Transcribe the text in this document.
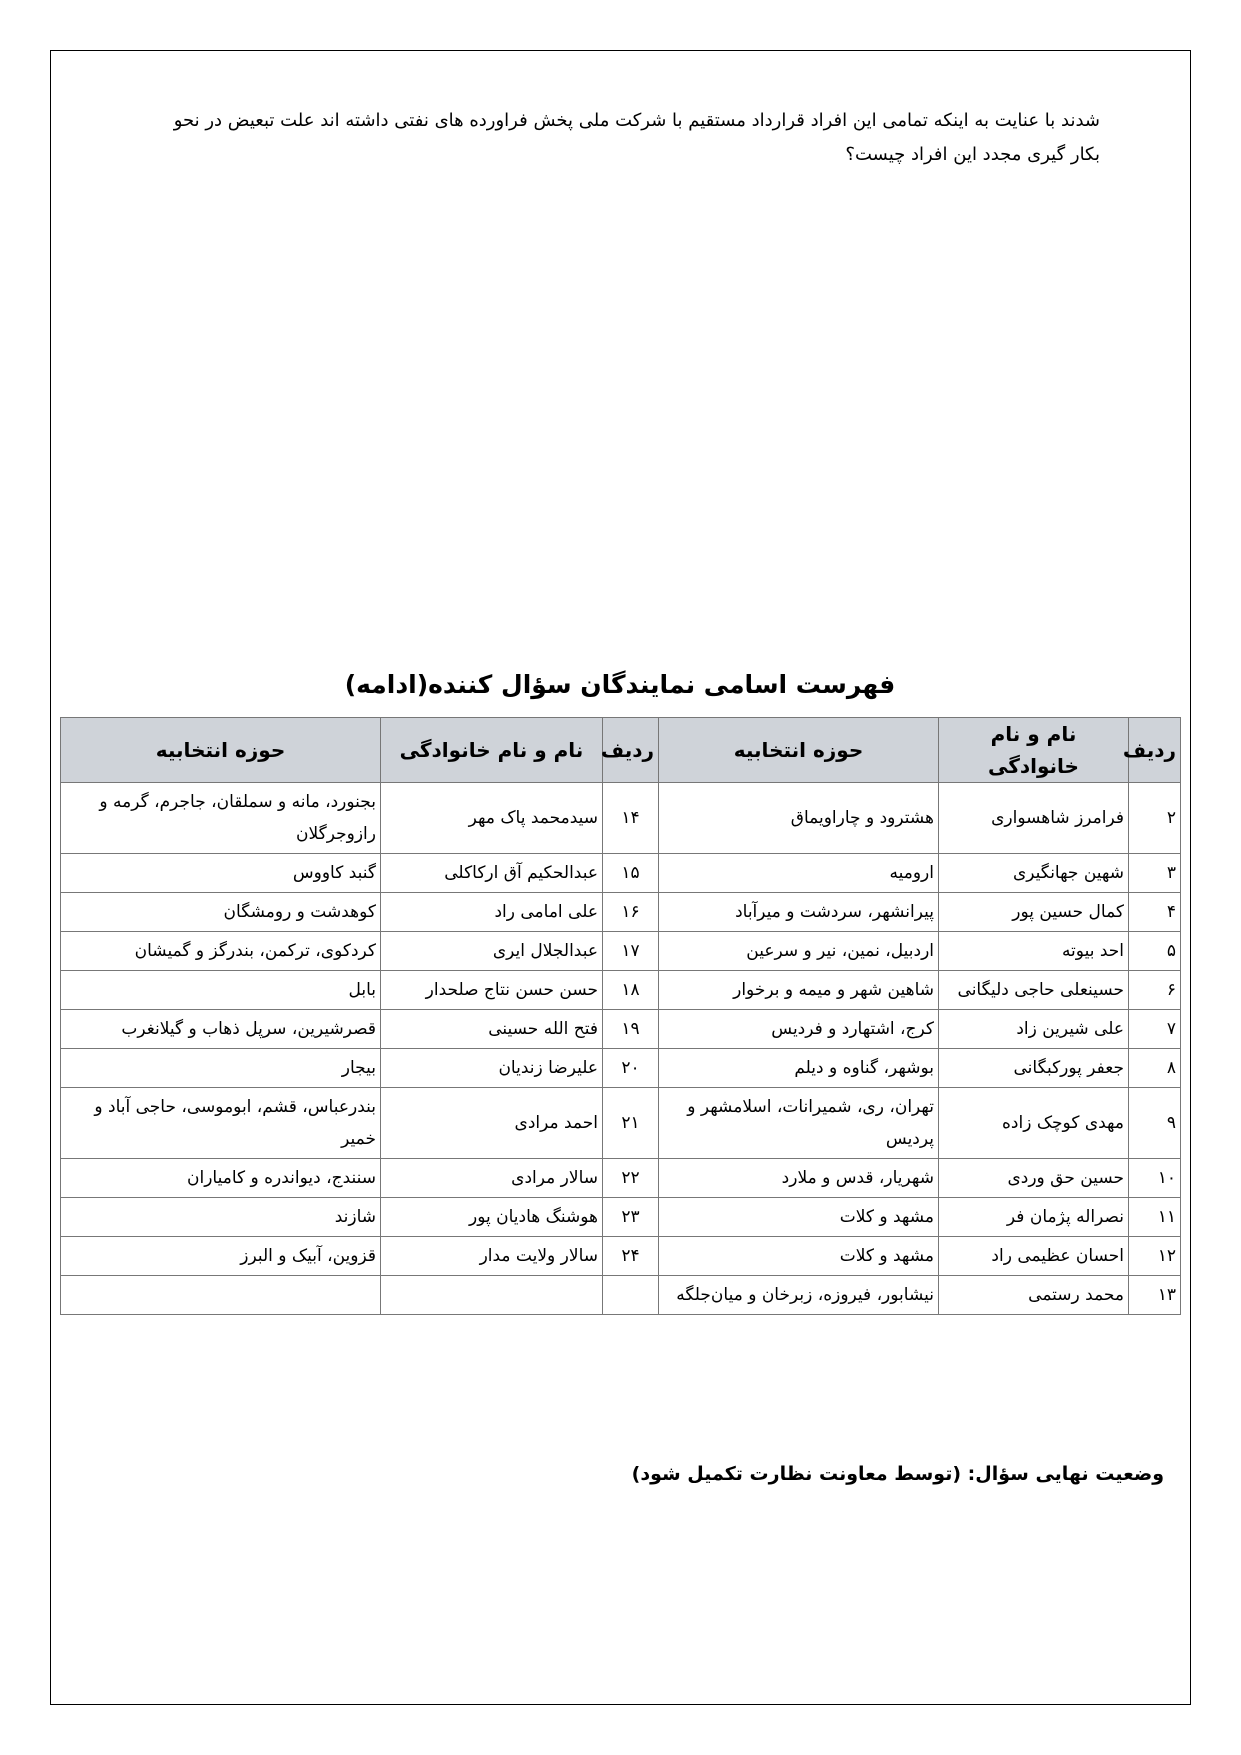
شدند با عنایت به اینکه تمامی این افراد قرارداد مستقیم با شرکت ملی پخش فراورده های نفتی داشته اند علت تبعیض در نحو
بکار گیری مجدد این افراد چیست؟
فهرست اسامی نمایندگان سؤال کننده(ادامه)
ردیف	نام و نام خانوادگی	حوزه انتخابیه	ردیف	نام و نام خانوادگی	حوزه انتخابیه
۲	فرامرز شاهسواری	هشترود و چاراویماق	۱۴	سیدمحمد پاک مهر	بجنورد، مانه و سملقان، جاجرم، گرمه و رازوجرگلان
۳	شهین جهانگیری	ارومیه	۱۵	عبدالحکیم آق ارکاکلی	گنبد کاووس
۴	کمال حسین پور	پیرانشهر، سردشت و میرآباد	۱۶	علی امامی راد	کوهدشت و رومشگان
۵	احد بیوته	اردبیل، نمین، نیر و سرعین	۱۷	عبدالجلال ایری	کردکوی، ترکمن، بندرگز و گمیشان
۶	حسینعلی حاجی دلیگانی	شاهین شهر و میمه و برخوار	۱۸	حسن حسن نتاج صلحدار	بابل
۷	علی شیرین زاد	کرج، اشتهارد و فردیس	۱۹	فتح الله حسینی	قصرشیرین، سرپل ذهاب و گیلانغرب
۸	جعفر پورکبگانی	بوشهر، گناوه و دیلم	۲۰	علیرضا زندیان	بیجار
۹	مهدی کوچک زاده	تهران، ری، شمیرانات، اسلامشهر و پردیس	۲۱	احمد مرادی	بندرعباس، قشم، ابوموسی، حاجی آباد و خمیر
۱۰	حسین حق وردی	شهریار، قدس و ملارد	۲۲	سالار مرادی	سنندج، دیواندره و کامیاران
۱۱	نصراله پژمان فر	مشهد و کلات	۲۳	هوشنگ هادیان پور	شازند
۱۲	احسان عظیمی راد	مشهد و کلات	۲۴	سالار ولایت مدار	قزوین، آبیک و البرز
۱۳	محمد رستمی	نیشابور، فیروزه، زبرخان و میان‌جلگه			
وضعیت نهایی سؤال: (توسط معاونت نظارت تکمیل شود)
